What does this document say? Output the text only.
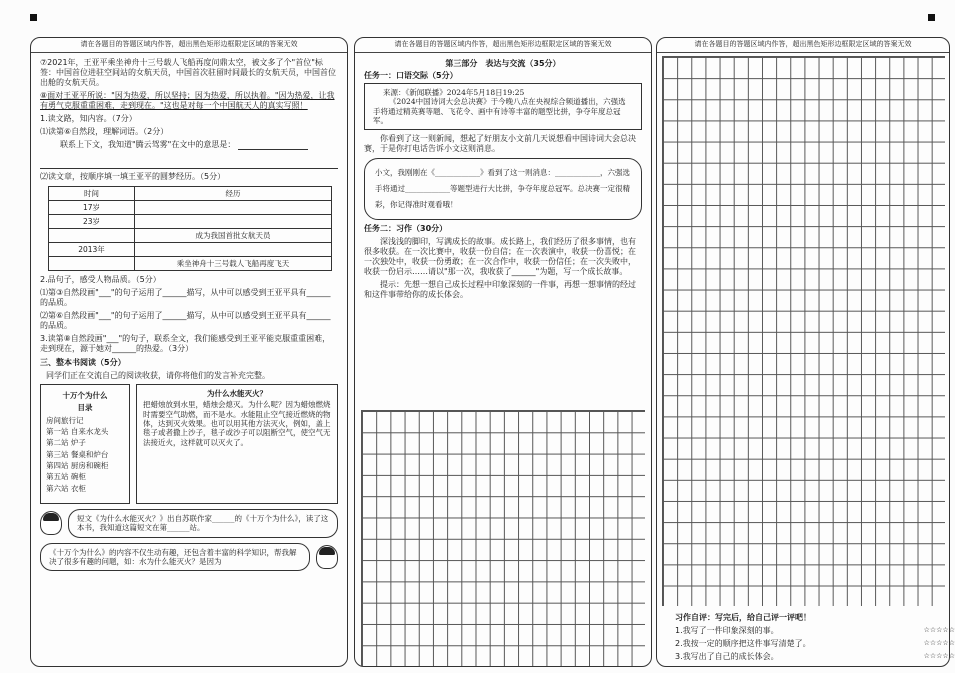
请在各题目的答题区域内作答，超出黑色矩形边框限定区域的答案无效
⑦2021年，王亚平乘坐神舟十三号载人飞船再度问鼎太空，被文多了个"首位"标签：中国首位进驻空间站的女航天员，中国首次驻留时间最长的女航天员，中国首位出舱的女航天员。
⑧面对王亚平所说："因为热爱，所以坚持；因为热爱，所以执着。"因为热爱，让我有勇气克服重重困难，走到现在。"这也是对每一个中国航天人的真实写照！
1.读文路，知内容。（7分）
⑴读第⑥自然段，理解词语。（2分）
联系上下文，我知道"腾云驾雾"在文中的意思是：
⑵读文章，按顺序填一填王亚平的圆梦经历。（5分）
时间	经历
17岁	
23岁	
	成为我国首批女航天员
2013年	
	乘坐神舟十三号载人飞船再度飞天
2.品句子，感受人物品质。（5分）
⑴第③自然段画"___"的句子运用了______描写，从中可以感受到王亚平具有______的品质。
⑵第⑥自然段画"___"的句子运用了______描写，从中可以感受到王亚平具有______的品质。
3.读第⑧自然段画"___"的句子，联系全文，我们能感受到王亚平能克服重重困难，走到现在，源于她对______的热爱。（3分）
三、整本书阅读（5分）
同学们正在交流自己的阅读收获，请你将他们的发言补充完整。
十万个为什么
目录
房间旅行记
第一站 自来水龙头
第二站 炉子
第三站 餐桌和炉台
第四站 厨房和碗柜
第五站 碗柜
第六站 衣柜
为什么水能灭火？
把蜡烛放到水里，蜡烛会熄灭。为什么呢？因为蜡烛燃烧时需要空气助燃，而不是水。水能阻止空气接近燃烧的物体，达到灭火效果。也可以用其他方法灭火，例如，盖上毯子或者撒上沙子，毯子或沙子可以阻断空气，使空气无法接近火，这样就可以灭火了。
短文《为什么水能灭火？》出自苏联作家______的《十万个为什么》，读了这本书，我知道这篇短文在第______站。
《十万个为什么》的内容不仅生动有趣，还包含着丰富的科学知识，帮我解决了很多有趣的问题，如：水为什么能灭火？是因为
请在各题目的答题区域内作答，超出黑色矩形边框限定区域的答案无效
第三部分　表达与交流（35分）
任务一：口语交际（5分）
来源：《新闻联播》2024年5月18日19:25
《2024中国诗词大会总决赛》于今晚八点在央视综合频道播出，六强选手将通过精英赛等题、飞花令、画中有诗等丰富的题型比拼，争夺年度总冠军。
你看到了这一则新闻，想起了好朋友小文前几天说想看中国诗词大会总决赛，于是你打电话告诉小文这则消息。
小文，我刚刚在《____________》看到了这一则消息：____________，六强选手将通过____________等题型进行大比拼，争夺年度总冠军。总决赛一定很精彩，你记得准时观看哦！
任务二：习作（30分）
深浅浅的脚印，写满成长的故事。成长路上，我们经历了很多事情，也有很多收获。在一次比赛中，收获一份自信；在一次表演中，收获一份喜悦；在一次独处中，收获一份勇敢；在一次合作中，收获一份信任；在一次失败中，收获一份启示……请以"那一次，我收获了______"为题，写一个成长故事。
提示：先想一想自己成长过程中印象深刻的一件事，再想一想事情的经过和这件事带给你的成长体会。
请在各题目的答题区域内作答，超出黑色矩形边框限定区域的答案无效
习作自评：写完后，给自己评一评吧！
1.我写了一件印象深刻的事。	☆☆☆☆☆
2.我按一定的顺序把这件事写清楚了。	☆☆☆☆☆
3.我写出了自己的成长体会。	☆☆☆☆☆
